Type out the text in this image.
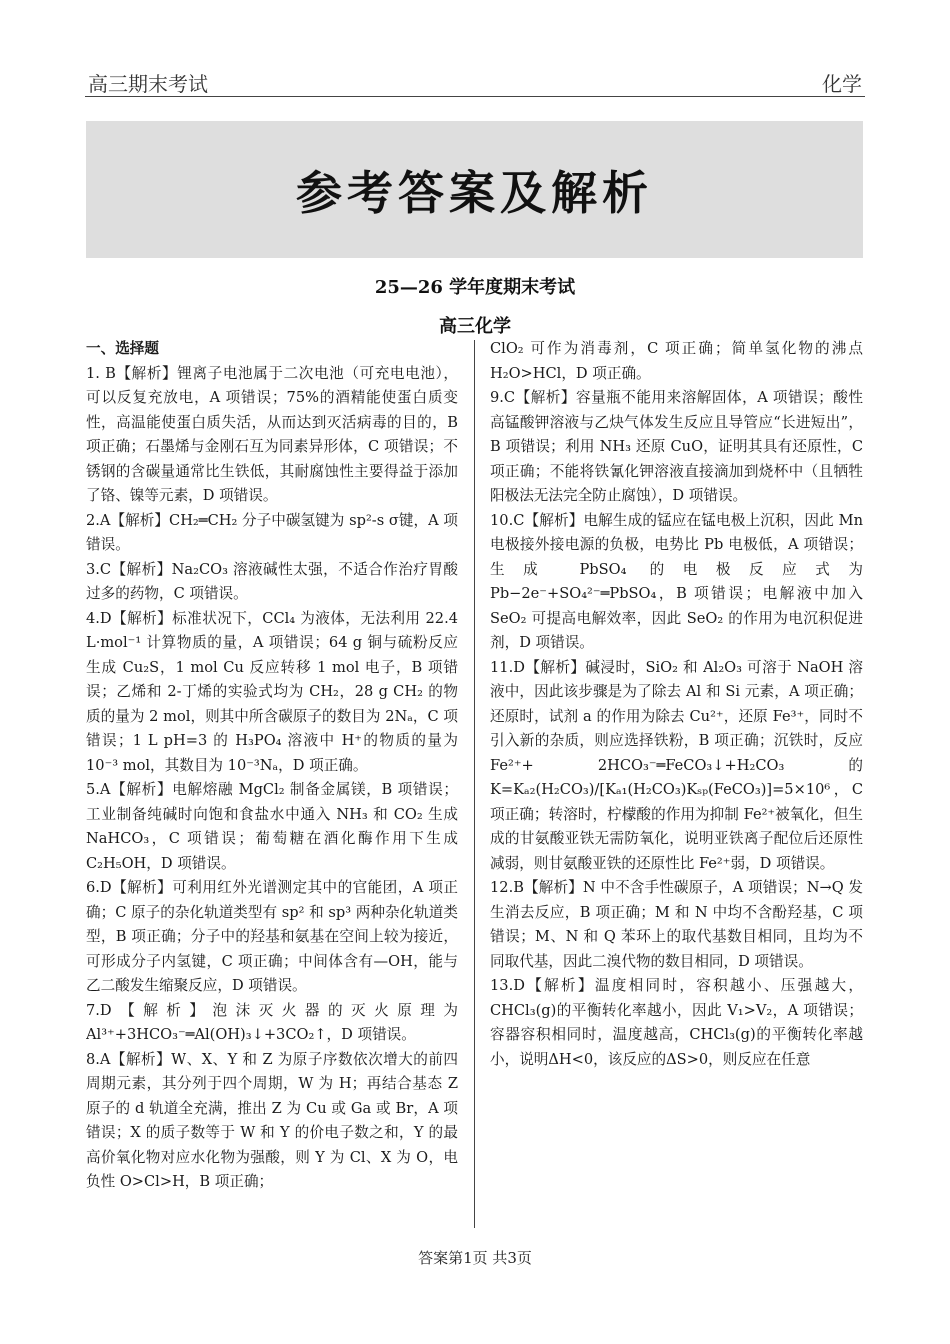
高三期末考试	化学
参考答案及解析
25—26 学年度期末考试
高三化学

一、选择题

1. B【解析】锂离子电池属于二次电池（可充电电池），可以反复充放电，A 项错误；75%的酒精能使蛋白质变性，高温能使蛋白质失活，从而达到灭活病毒的目的，B 项正确；石墨烯与金刚石互为同素异形体，C 项错误；不锈钢的含碳量通常比生铁低，其耐腐蚀性主要得益于添加了铬、镍等元素，D 项错误。

2.A【解析】CH₂═CH₂ 分子中碳氢键为 sp²-s σ键，A 项错误。

3.C【解析】Na₂CO₃ 溶液碱性太强，不适合作治疗胃酸过多的药物，C 项错误。

4.D【解析】标准状况下，CCl₄ 为液体，无法利用 22.4 L·mol⁻¹ 计算物质的量，A 项错误；64 g 铜与硫粉反应生成 Cu₂S，1 mol Cu 反应转移 1 mol 电子，B 项错误；乙烯和 2-丁烯的实验式均为 CH₂，28 g CH₂ 的物质的量为 2 mol，则其中所含碳原子的数目为 2Nₐ，C 项错误；1 L pH=3 的 H₃PO₄ 溶液中 H⁺的物质的量为 10⁻³ mol，其数目为 10⁻³Nₐ，D 项正确。

5.A【解析】电解熔融 MgCl₂ 制备金属镁，B 项错误；工业制备纯碱时向饱和食盐水中通入 NH₃ 和 CO₂ 生成 NaHCO₃，C 项错误；葡萄糖在酒化酶作用下生成 C₂H₅OH，D 项错误。

6.D【解析】可利用红外光谱测定其中的官能团，A 项正确；C 原子的杂化轨道类型有 sp² 和 sp³ 两种杂化轨道类型，B 项正确；分子中的羟基和氨基在空间上较为接近，可形成分子内氢键，C 项正确；中间体含有—OH，能与乙二酸发生缩聚反应，D 项错误。

7.D【解析】泡沫灭火器的灭火原理为 Al³⁺+3HCO₃⁻═Al(OH)₃↓+3CO₂↑，D 项错误。

8.A【解析】W、X、Y 和 Z 为原子序数依次增大的前四周期元素，其分列于四个周期，W 为 H；再结合基态 Z 原子的 d 轨道全充满，推出 Z 为 Cu 或 Ga 或 Br，A 项错误；X 的质子数等于 W 和 Y 的价电子数之和，Y 的最高价氧化物对应水化物为强酸，则 Y 为 Cl、X 为 O，电负性 O>Cl>H，B 项正确；

ClO₂ 可作为消毒剂，C 项正确；简单氢化物的沸点 H₂O>HCl，D 项正确。

9.C【解析】容量瓶不能用来溶解固体，A 项错误；酸性高锰酸钾溶液与乙炔气体发生反应且导管应“长进短出”，B 项错误；利用 NH₃ 还原 CuO，证明其具有还原性，C 项正确；不能将铁氰化钾溶液直接滴加到烧杯中（且牺牲阳极法无法完全防止腐蚀），D 项错误。

10.C【解析】电解生成的锰应在锰电极上沉积，因此 Mn 电极接外接电源的负极，电势比 Pb 电极低，A 项错误；生成 PbSO₄ 的电极反应式为 Pb−2e⁻+SO₄²⁻═PbSO₄，B 项错误；电解液中加入 SeO₂ 可提高电解效率，因此 SeO₂ 的作用为电沉积促进剂，D 项错误。

11.D【解析】碱浸时，SiO₂ 和 Al₂O₃ 可溶于 NaOH 溶液中，因此该步骤是为了除去 Al 和 Si 元素，A 项正确；还原时，试剂 a 的作用为除去 Cu²⁺，还原 Fe³⁺，同时不引入新的杂质，则应选择铁粉，B 项正确；沉铁时，反应 Fe²⁺+ 2HCO₃⁻═FeCO₃↓+H₂CO₃ 的 K=Kₐ₂(H₂CO₃)/[Kₐ₁(H₂CO₃)Kₛₚ(FeCO₃)]=5×10⁶，C 项正确；转溶时，柠檬酸的作用为抑制 Fe²⁺被氧化，但生成的甘氨酸亚铁无需防氧化，说明亚铁离子配位后还原性减弱，则甘氨酸亚铁的还原性比 Fe²⁺弱，D 项错误。

12.B【解析】N 中不含手性碳原子，A 项错误；N→Q 发生消去反应，B 项正确；M 和 N 中均不含酚羟基，C 项错误；M、N 和 Q 苯环上的取代基数目相同，且均为不同取代基，因此二溴代物的数目相同，D 项错误。

13.D【解析】温度相同时，容积越小、压强越大，CHCl₃(g)的平衡转化率越小，因此 V₁>V₂，A 项错误；容器容积相同时，温度越高，CHCl₃(g)的平衡转化率越小，说明ΔH<0，该反应的ΔS>0，则反应在任意

答案第1页 共3页
